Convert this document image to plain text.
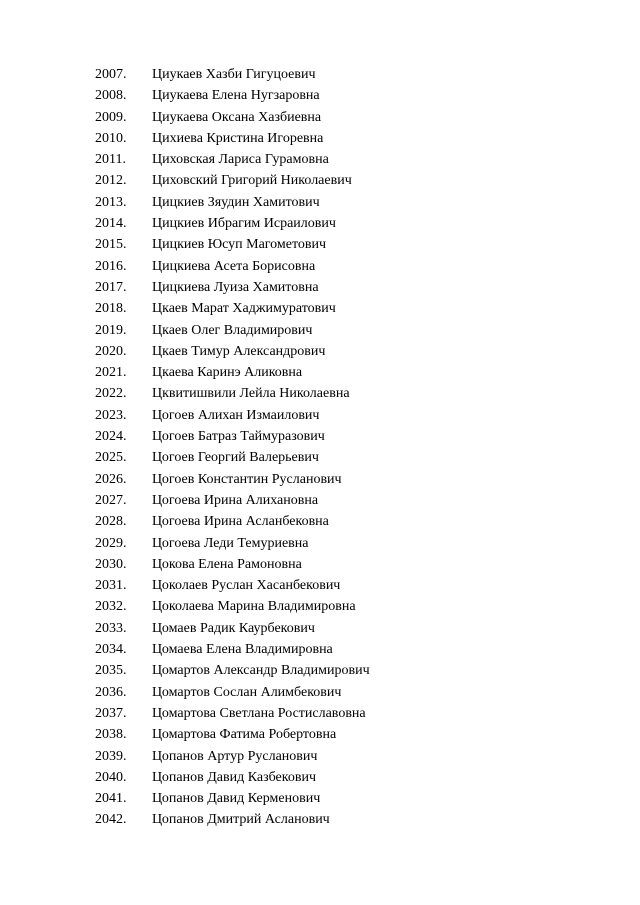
2007.	Циукаев Хазби Гигуцоевич
2008.	Циукаева Елена Нугзаровна
2009.	Циукаева Оксана Хазбиевна
2010.	Цихиева Кристина Игоревна
2011.	Циховская Лариса Гурамовна
2012.	Циховский Григорий Николаевич
2013.	Цицкиев Зяудин Хамитович
2014.	Цицкиев Ибрагим Исраилович
2015.	Цицкиев Юсуп Магометович
2016.	Цицкиева Асета Борисовна
2017.	Цицкиева Луиза Хамитовна
2018.	Цкаев Марат Хаджимуратович
2019.	Цкаев Олег Владимирович
2020.	Цкаев Тимур Александрович
2021.	Цкаева Каринэ Аликовна
2022.	Цквитишвили Лейла Николаевна
2023.	Цогоев Алихан Измаилович
2024.	Цогоев Батраз Таймуразович
2025.	Цогоев Георгий Валерьевич
2026.	Цогоев Константин Русланович
2027.	Цогоева Ирина Алихановна
2028.	Цогоева Ирина Асланбековна
2029.	Цогоева Леди Темуриевна
2030.	Цокова Елена Рамоновна
2031.	Цоколаев Руслан Хасанбекович
2032.	Цоколаева Марина Владимировна
2033.	Цомаев Радик Каурбекович
2034.	Цомаева Елена Владимировна
2035.	Цомартов Александр Владимирович
2036.	Цомартов Сослан Алимбекович
2037.	Цомартова Светлана Ростиславовна
2038.	Цомартова Фатима Робертовна
2039.	Цопанов Артур Русланович
2040.	Цопанов Давид Казбекович
2041.	Цопанов Давид Керменович
2042.	Цопанов Дмитрий Асланович
